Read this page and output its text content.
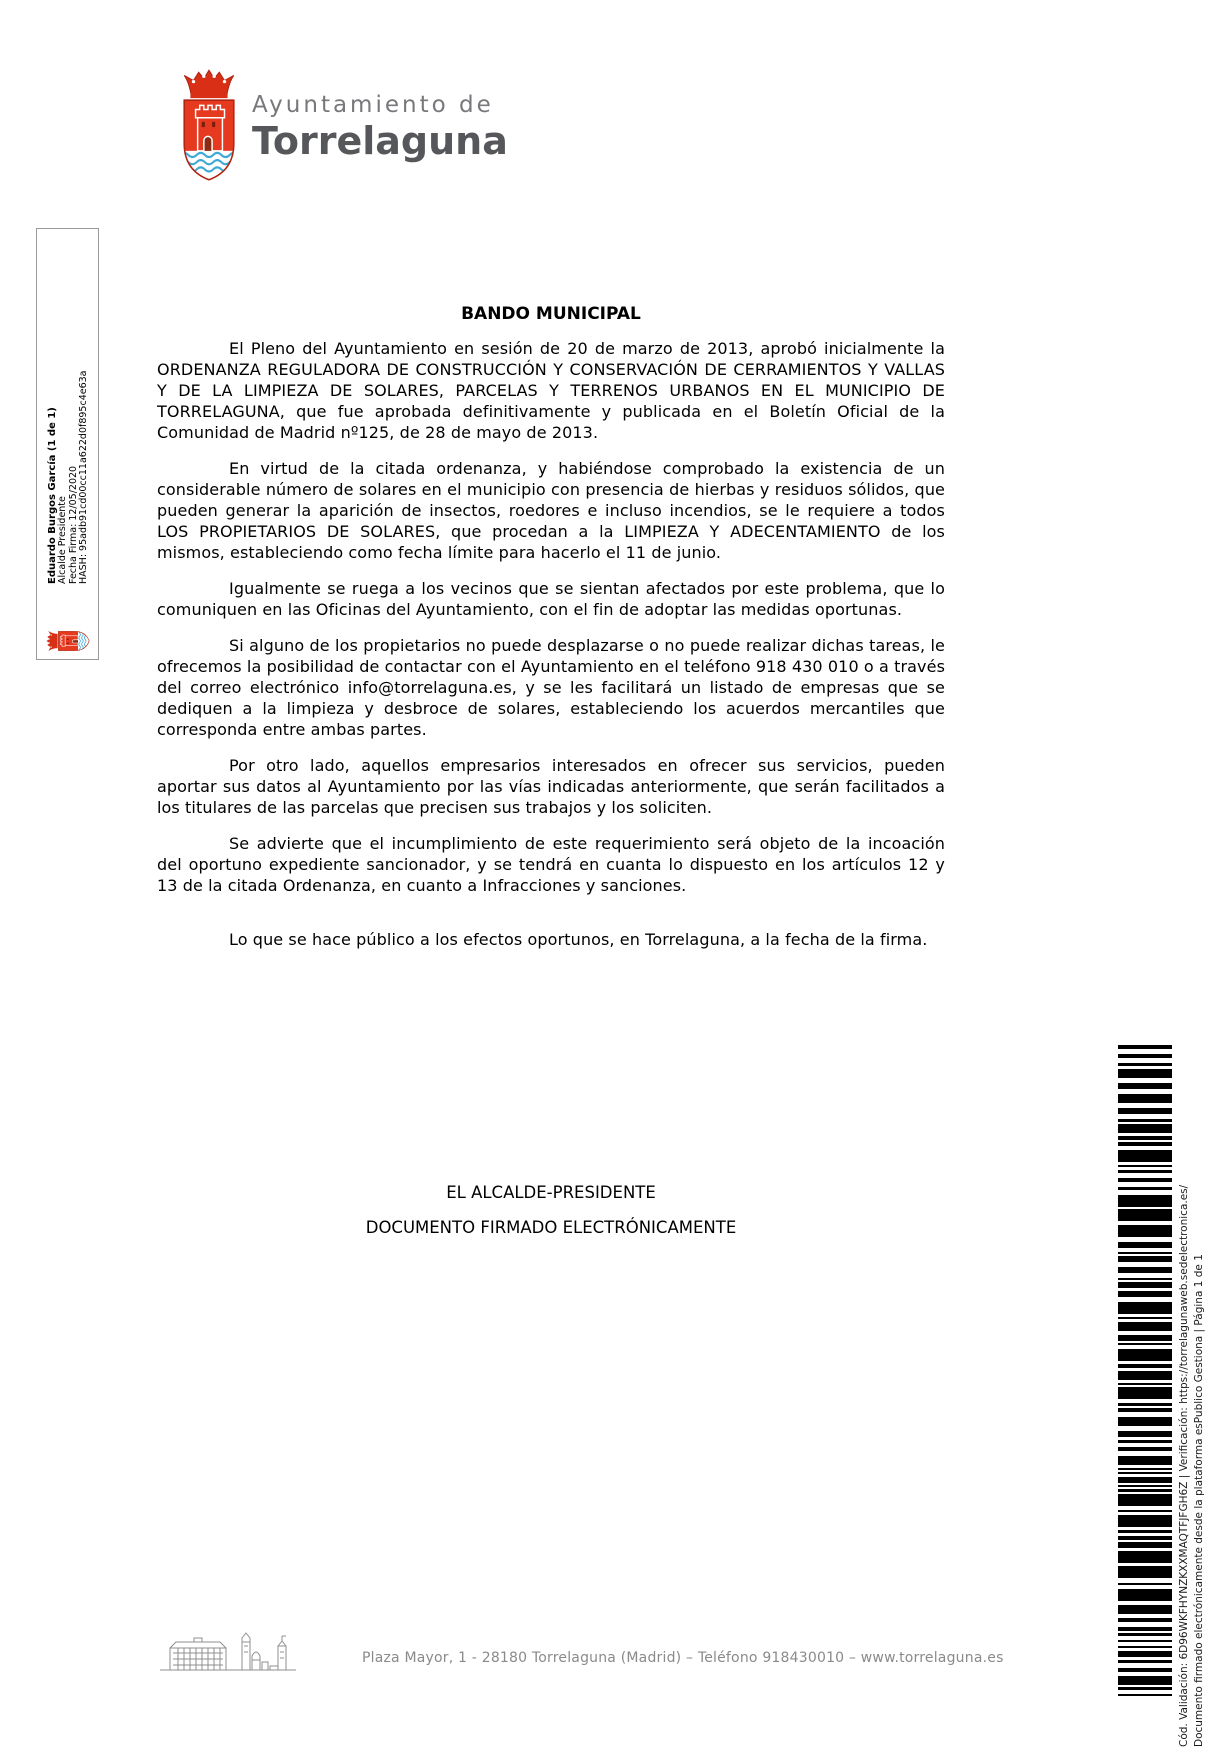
Ayuntamiento de
Torrelaguna
Eduardo Burgos García (1 de 1) Alcalde Presidente Fecha Firma: 12/05/2020 HASH: 95adb91cd00cc11a622d0f895c4e63a
BANDO MUNICIPAL

El Pleno del Ayuntamiento en sesión de 20 de marzo de 2013, aprobó inicialmente la ORDENANZA REGULADORA DE CONSTRUCCIÓN Y CONSERVACIÓN DE CERRAMIENTOS Y VALLAS Y DE LA LIMPIEZA DE SOLARES, PARCELAS Y TERRENOS URBANOS EN EL MUNICIPIO DE TORRELAGUNA, que fue aprobada definitivamente y publicada en el Boletín Oficial de la Comunidad de Madrid nº125, de 28 de mayo de 2013.

En virtud de la citada ordenanza, y habiéndose comprobado la existencia de un considerable número de solares en el municipio con presencia de hierbas y residuos sólidos, que pueden generar la aparición de insectos, roedores e incluso incendios, se le requiere a todos LOS PROPIETARIOS DE SOLARES, que procedan a la LIMPIEZA Y ADECENTAMIENTO de los mismos, estableciendo como fecha límite para hacerlo el 11 de junio.

Igualmente se ruega a los vecinos que se sientan afectados por este problema, que lo comuniquen en las Oficinas del Ayuntamiento, con el fin de adoptar las medidas oportunas.

Si alguno de los propietarios no puede desplazarse o no puede realizar dichas tareas, le ofrecemos la posibilidad de contactar con el Ayuntamiento en el teléfono 918 430 010 o a través del correo electrónico info@torrelaguna.es, y se les facilitará un listado de empresas que se dediquen a la limpieza y desbroce de solares, estableciendo los acuerdos mercantiles que corresponda entre ambas partes.

Por otro lado, aquellos empresarios interesados en ofrecer sus servicios, pueden aportar sus datos al Ayuntamiento por las vías indicadas anteriormente, que serán facilitados a los titulares de las parcelas que precisen sus trabajos y los soliciten.

Se advierte que el incumplimiento de este requerimiento será objeto de la incoación del oportuno expediente sancionador, y se tendrá en cuanta lo dispuesto en los artículos 12 y 13 de la citada Ordenanza, en cuanto a Infracciones y sanciones.

Lo que se hace público a los efectos oportunos, en Torrelaguna, a la fecha de la firma.

EL ALCALDE-PRESIDENTE
DOCUMENTO FIRMADO ELECTRÓNICAMENTE	Cód. Validación: 6D96WKFHYNZKXXMAQTFJFGH6Z | Verificación: https://torrelagunaweb.sedelectronica.es/ Documento firmado electrónicamente desde la plataforma esPublico Gestiona | Página 1 de 1
Plaza Mayor, 1 - 28180 Torrelaguna (Madrid) – Teléfono 918430010 – www.torrelaguna.es
